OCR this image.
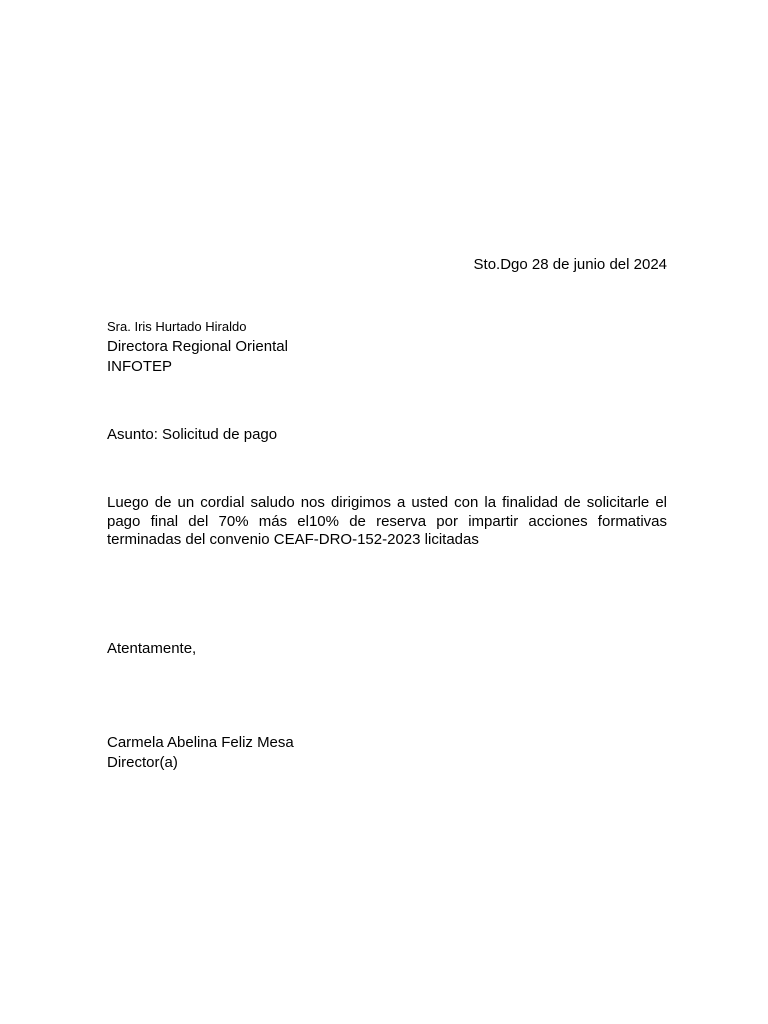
Sto.Dgo 28 de junio del 2024
Sra. Iris Hurtado Hiraldo
Directora Regional Oriental
INFOTEP
Asunto: Solicitud de pago
Luego de un cordial saludo nos dirigimos a usted con la finalidad de solicitarle el pago final del 70% más el10% de reserva por impartir acciones formativas terminadas del convenio CEAF-DRO-152-2023 licitadas
Atentamente,
Carmela Abelina Feliz Mesa
Director(a)
